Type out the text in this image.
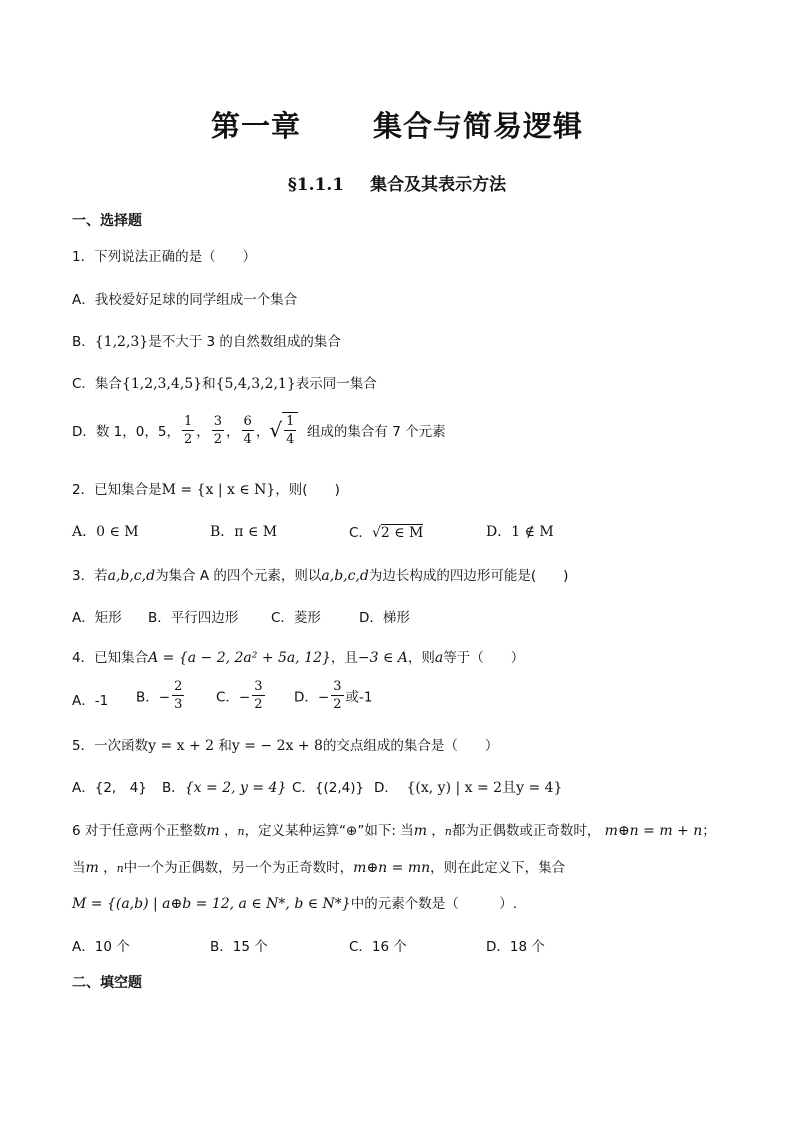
第一章 集合与简易逻辑
§1.1.1 集合及其表示方法
一、选择题
1．下列说法正确的是（　　）
A．我校爱好足球的同学组成一个集合
B．{1,2,3}是不大于 3 的自然数组成的集合
C．集合{1,2,3,4,5}和{5,4,3,2,1}表示同一集合
D．数 1，0，5， $\frac{1}{2}$ ， $\frac{3}{2}$ ， $\frac{6}{4}$ ，√ $\frac{1}{4}$ 组成的集合有 7 个元素
2．已知集合是M = {x | x ∈ N}，则(　　)
A．0 ∈ M	B．π ∈ M	C．√2 ∈ M	D．1 ∉ M
3．若a,b,c,d为集合 A 的四个元素，则以a,b,c,d为边长构成的四边形可能是(　　)
A．矩形 B．平行四边形 C．菱形	D．梯形
4．已知集合A = {a − 2, 2a² + 5a, 12}，且−3 ∈ A，则a等于（　　）
A．-1 B．− $\frac{2}{3}$ C．− $\frac{3}{2}$ D．− $\frac{3}{2}$ 或-1
5．一次函数y = x + 2 和y = − 2x + 8的交点组成的集合是（　　）
A．{2,　4} B．{x = 2, y = 4} C．{(2,4)} D． {(x, y) | x = 2且y = 4}
6 对于任意两个正整数m ，n，定义某种运算“⊕”如下: 当m ，n都为正偶数或正奇数时， m⊕n = m + n；
当m ，n中一个为正偶数，另一个为正奇数时，m⊕n = mn，则在此定义下，集合
M = {(a,b) | a⊕b = 12, a ∈ N*, b ∈ N*}中的元素个数是（　　　）.
A．10 个	B．15 个	C．16 个	D．18 个
二、填空题
